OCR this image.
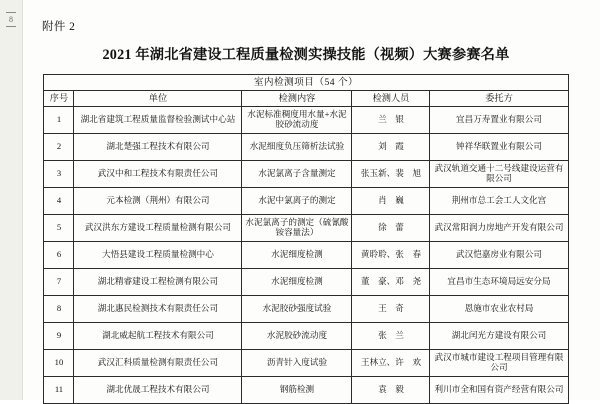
8
附件 2
2021 年湖北省建设工程质量检测实操技能（视频）大赛参赛名单
室内检测项目（54 个）				
序号	单位	检测内容	检测人员	委托方
1	湖北省建筑工程质量监督检验测试中心站	水泥标准稠度用水量+水泥胶砂流动度	兰　银	宜昌万寿置业有限公司
2	湖北楚强工程技术有限公司	水泥细度负压筛析法试验	刘　霞	钟祥华联置业有限公司
3	武汉中和工程技术有限责任公司	水泥氯离子含量测定	张玉新、裴　旭	武汉轨道交通十二号线建设运营有限公司
4	元本检测（荆州）有限公司	水泥中氯离子的测定	肖　巍	荆州市总工会工人文化宫
5	武汉洪东方建设工程质量检测有限公司	水泥氯离子的测定（硫氰酸铵容量法）	徐　蕾	武汉常阳润力房地产开发有限公司
6	大悟县建设工程质量检测中心	水泥细度检测	黄聆聆、张　春	武汉恺嘉房业有限公司
7	湖北精睿建设工程检测有限公司	水泥细度检测	董　豪、邓　尧	宜昌市生态环境局远安分局
8	湖北惠民检测技术有限责任公司	水泥胶砂强度试验	王　奇	恩施市农业农村局
9	湖北威起航工程技术有限公司	水泥胶砂流动度	张　兰	湖北闰光方建设有限公司
10	武汉汇科质量检测有限责任公司	沥青针入度试验	王林立、许　欢	武汉市城市建设工程项目管理有限公司
11	湖北优晟工程技术有限公司	钢筋检测	袁　毅	利川市全和国有资产经营有限公司
